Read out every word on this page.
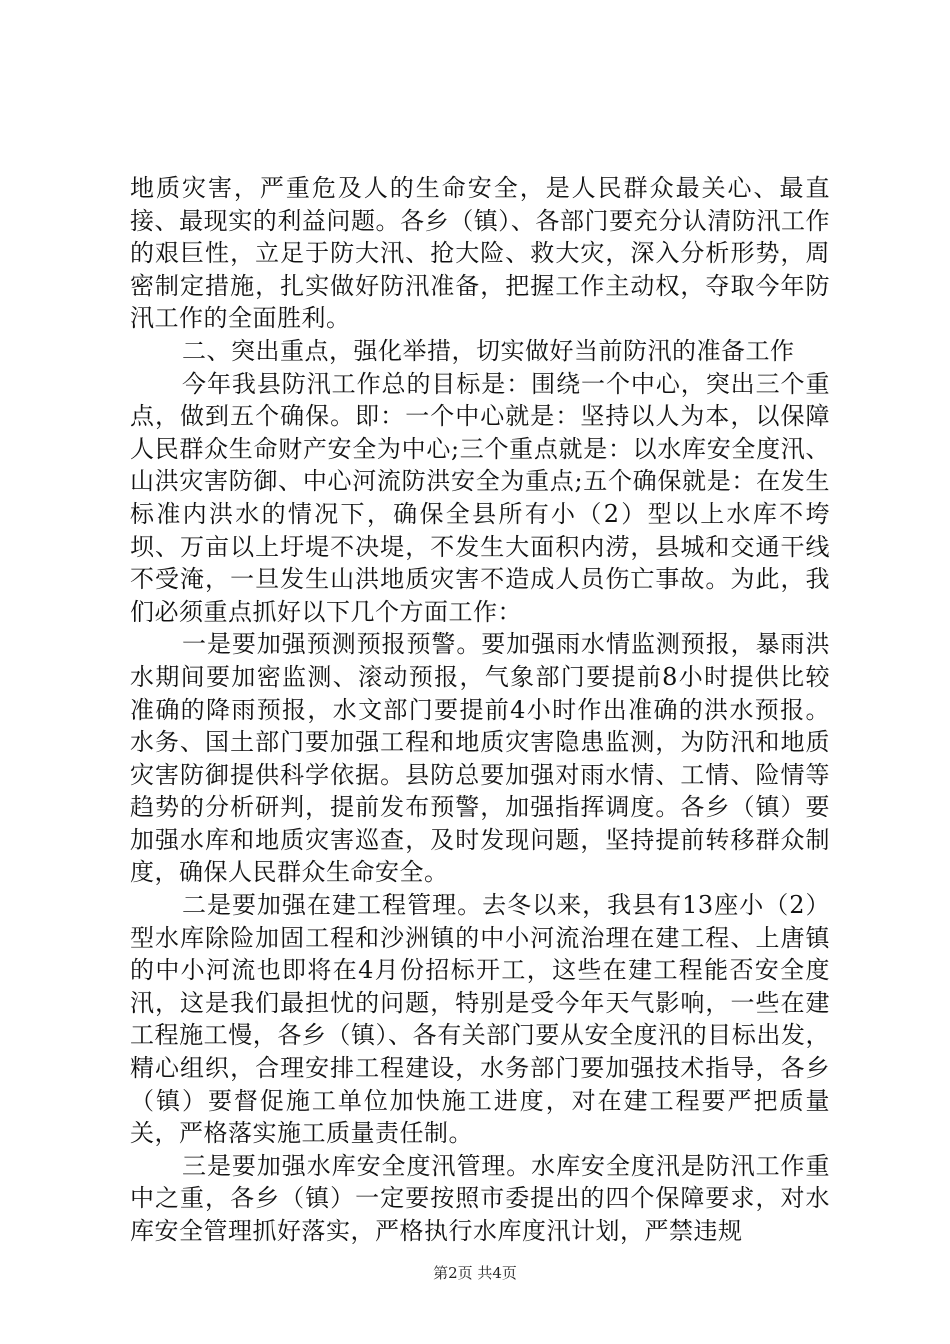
地质灾害，严重危及人的生命安全，是人民群众最关心、最直接、最现实的利益问题。各乡（镇）、各部门要充分认清防汛工作的艰巨性，立足于防大汛、抢大险、救大灾，深入分析形势，周密制定措施，扎实做好防汛准备，把握工作主动权，夺取今年防汛工作的全面胜利。

二、突出重点，强化举措，切实做好当前防汛的准备工作

今年我县防汛工作总的目标是：围绕一个中心，突出三个重点，做到五个确保。即：一个中心就是：坚持以人为本，以保障人民群众生命财产安全为中心;三个重点就是：以水库安全度汛、山洪灾害防御、中心河流防洪安全为重点;五个确保就是：在发生标准内洪水的情况下，确保全县所有小（2）型以上水库不垮坝、万亩以上圩堤不决堤，不发生大面积内涝，县城和交通干线不受淹，一旦发生山洪地质灾害不造成人员伤亡事故。为此，我们必须重点抓好以下几个方面工作：

一是要加强预测预报预警。要加强雨水情监测预报，暴雨洪水期间要加密监测、滚动预报，气象部门要提前8小时提供比较准确的降雨预报，水文部门要提前4小时作出准确的洪水预报。水务、国土部门要加强工程和地质灾害隐患监测，为防汛和地质灾害防御提供科学依据。县防总要加强对雨水情、工情、险情等趋势的分析研判，提前发布预警，加强指挥调度。各乡（镇）要加强水库和地质灾害巡查，及时发现问题，坚持提前转移群众制度，确保人民群众生命安全。

二是要加强在建工程管理。去冬以来，我县有13座小（2）型水库除险加固工程和沙洲镇的中小河流治理在建工程、上唐镇的中小河流也即将在4月份招标开工，这些在建工程能否安全度汛，这是我们最担忧的问题，特别是受今年天气影响，一些在建工程施工慢，各乡（镇）、各有关部门要从安全度汛的目标出发，精心组织，合理安排工程建设，水务部门要加强技术指导，各乡（镇）要督促施工单位加快施工进度，对在建工程要严把质量关，严格落实施工质量责任制。

三是要加强水库安全度汛管理。水库安全度汛是防汛工作重中之重，各乡（镇）一定要按照市委提出的四个保障要求，对水库安全管理抓好落实，严格执行水库度汛计划，严禁违规

第2页 共4页
